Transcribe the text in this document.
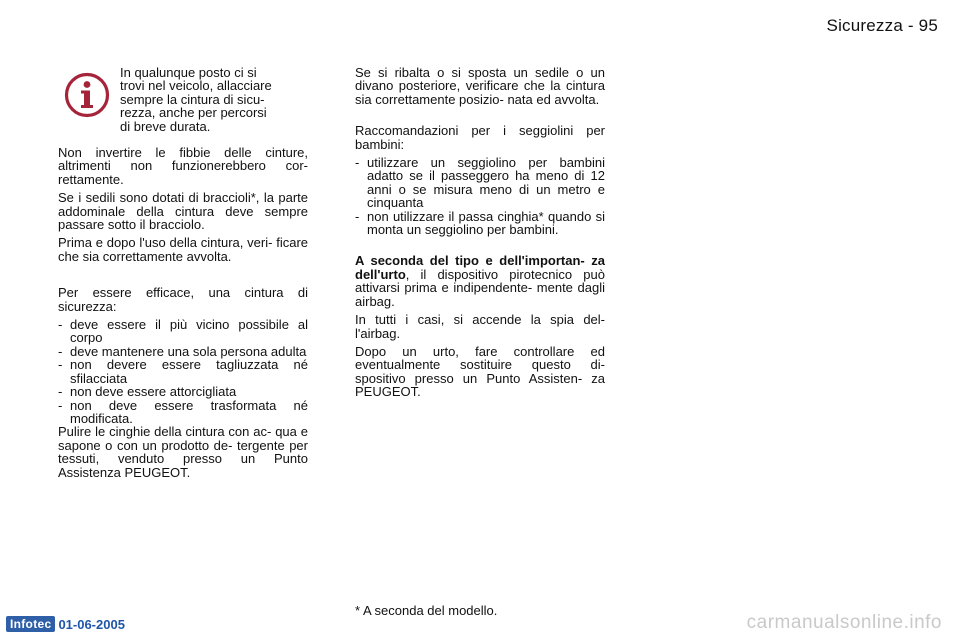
Sicurezza - 95

In qualunque posto ci si

trovi nel veicolo, allacciare

sempre la cintura di sicu-

rezza, anche per percorsi

di breve durata.

Non invertire le fibbie delle cinture, altrimenti non funzionerebbero cor- rettamente.

Se i sedili sono dotati di braccioli*, la parte addominale della cintura deve sempre passare sotto il bracciolo.

Prima e dopo l'uso della cintura, veri- ficare che sia correttamente avvolta.

Per essere efficace, una cintura di sicurezza:

- deve essere il più vicino possibile al corpo
- deve mantenere una sola persona adulta
- non devere essere tagliuzzata né sfilacciata
- non deve essere attorcigliata
- non deve essere trasformata né modificata.

Pulire le cinghie della cintura con ac- qua e sapone o con un prodotto de- tergente per tessuti, venduto presso un Punto Assistenza PEUGEOT.

Se si ribalta o si sposta un sedile o un divano posteriore, verificare che la cintura sia correttamente posizio- nata ed avvolta.

Raccomandazioni per i seggiolini per bambini:

- utilizzare un seggiolino per bambini adatto se il passeggero ha meno di 12 anni o se misura meno di un metro e cinquanta
- non utilizzare il passa cinghia* quando si monta un seggiolino per bambini.

A seconda del tipo e dell'importan- za dell'urto, il dispositivo pirotecnico può attivarsi prima e indipendente- mente dagli airbag.

In tutti i casi, si accende la spia del- l'airbag.

Dopo un urto, fare controllare ed eventualmente sostituire questo di- spositivo presso un Punto Assisten- za PEUGEOT.

* A seconda del modello.
Infotec 01-06-2005	carmanualsonline.info
